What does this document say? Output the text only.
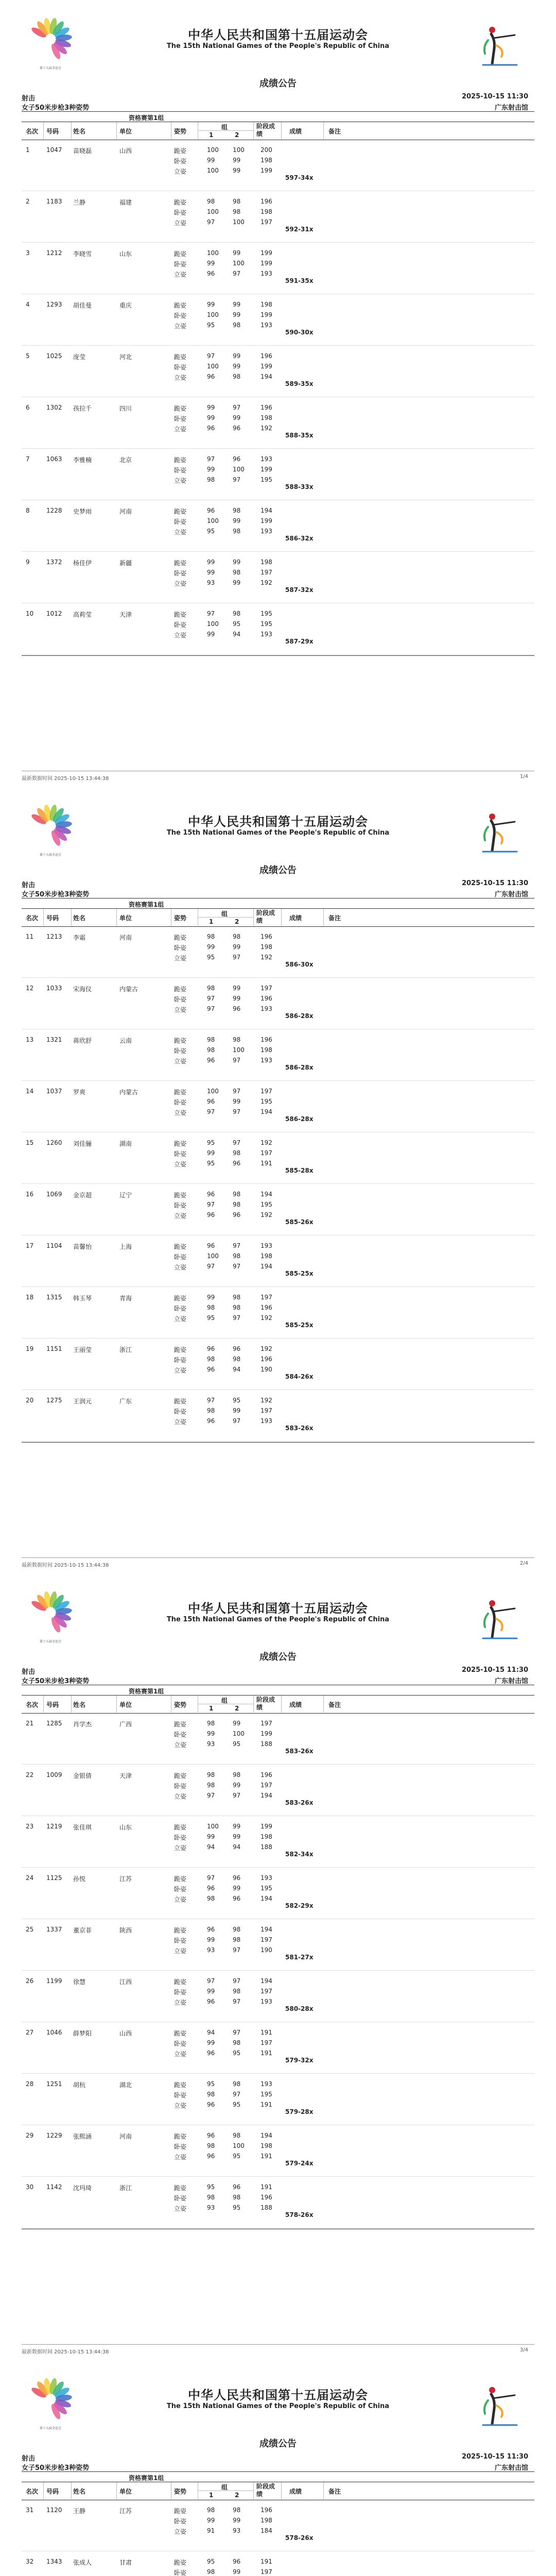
第十五届全运会
中华人民共和国第十五届运动会
The 15th National Games of the People's Republic of China
成绩公告
射击	2025-10-15 11:30
女子50米步枪3种姿势	广东射击馆
资格赛第1组
名次 号码 姓名	单位	姿势
组
1	2
阶段成绩	成绩	备注
1	1047 苗晓磊	山西	跪姿	100 100	200
卧姿	99	99	198
立姿	100 99	199
597-34x
2	1183 兰静	福建	跪姿	98	98	196
卧姿	100 98	198
立姿	97	100	197
592-31x
3	1212 李晓雪	山东	跪姿	100 99	199
卧姿	99	100	199
立姿	96	97	193
591-35x
4	1293 胡佳曼	重庆	跪姿	99	99	198
卧姿	100 99	199
立姿	95	98	193
590-30x
5	1025 庞莹	河北	跪姿	97	99	196
卧姿	100 99	199
立姿	96	98	194
589-35x
6	1302 孩拉千	四川	跪姿	99	97	196
卧姿	99	99	198
立姿	96	96	192
588-35x
7	1063 李雅楠	北京	跪姿	97	96	193
卧姿	99	100	199
立姿	98	97	195
588-33x
8	1228 史梦雨	河南	跪姿	96	98	194
卧姿	100 99	199
立姿	95	98	193
586-32x
9	1372 杨佳伊	新疆	跪姿	99	99	198
卧姿	99	98	197
立姿	93	99	192
587-32x
10 1012 高莉莹	天津	跪姿	97	98	195
卧姿	100 95	195
立姿	99	94	193
587-29x
最新数据时间 2025-10-15 13:44:38	1/4
第十五届全运会
中华人民共和国第十五届运动会
The 15th National Games of the People's Republic of China
成绩公告
射击	2025-10-15 11:30
女子50米步枪3种姿势	广东射击馆
资格赛第1组
名次 号码 姓名	单位	姿势
组
1	2
阶段成绩	成绩	备注
11 1213 李霜	河南	跪姿	98	98	196
卧姿	99	99	198
立姿	95	97	192
586-30x
12 1033 宋海仪	内蒙古	跪姿	98	99	197
卧姿	97	99	196
立姿	97	96	193
586-28x
13 1321 蒋欣舒	云南	跪姿	98	98	196
卧姿	98	100	198
立姿	96	97	193
586-28x
14 1037 罗爽	内蒙古	跪姿	100 97	197
卧姿	96	99	195
立姿	97	97	194
586-28x
15 1260 刘佳骊	湖南	跪姿	95	97	192
卧姿	99	98	197
立姿	95	96	191
585-28x
16 1069 金京超	辽宁	跪姿	96	98	194
卧姿	97	98	195
立姿	96	96	192
585-26x
17 1104 苗馨怡	上海	跪姿	96	97	193
卧姿	100 98	198
立姿	97	97	194
585-25x
18 1315 韩玉琴	青海	跪姿	99	98	197
卧姿	98	98	196
立姿	95	97	192
585-25x
19 1151 王丽莹	浙江	跪姿	96	96	192
卧姿	98	98	196
立姿	96	94	190
584-26x
20 1275 王润元	广东	跪姿	97	95	192
卧姿	98	99	197
立姿	96	97	193
583-26x
最新数据时间 2025-10-15 13:44:38	2/4
第十五届全运会
中华人民共和国第十五届运动会
The 15th National Games of the People's Republic of China
成绩公告
射击	2025-10-15 11:30
女子50米步枪3种姿势	广东射击馆
资格赛第1组
名次 号码 姓名	单位	姿势
组
1	2
阶段成绩	成绩	备注
21 1285 肖学杰	广西	跪姿	98	99	197
卧姿	99	100	199
立姿	93	95	188
583-26x
22 1009 金银倩	天津	跪姿	98	98	196
卧姿	98	99	197
立姿	97	97	194
583-26x
23 1219 张佳琪	山东	跪姿	100 99	199
卧姿	99	99	198
立姿	94	94	188
582-34x
24 1125 孙悦	江苏	跪姿	97	96	193
卧姿	96	99	195
立姿	98	96	194
582-29x
25 1337 董京菲	陕西	跪姿	96	98	194
卧姿	99	98	197
立姿	93	97	190
581-27x
26 1199 徐慧	江西	跪姿	97	97	194
卧姿	99	98	197
立姿	96	97	193
580-28x
27 1046 薛梦阳	山西	跪姿	94	97	191
卧姿	99	98	197
立姿	96	95	191
579-32x
28 1251 胡杭	湖北	跪姿	95	98	193
卧姿	98	97	195
立姿	96	95	191
579-28x
29 1229 张熙涵	河南	跪姿	96	98	194
卧姿	98	100	198
立姿	96	95	191
579-24x
30 1142 沈玛琦	浙江	跪姿	95	96	191
卧姿	98	98	196
立姿	93	95	188
578-26x
最新数据时间 2025-10-15 13:44:38	3/4
第十五届全运会
中华人民共和国第十五届运动会
The 15th National Games of the People's Republic of China
成绩公告
射击	2025-10-15 11:30
女子50米步枪3种姿势	广东射击馆
资格赛第1组
名次 号码 姓名	单位	姿势
组
1	2
阶段成绩	成绩	备注
31 1120 王静	江苏	跪姿	98	98	196
卧姿	99	99	198
立姿	91	93	184
578-26x
32 1343 张成人	甘肃	跪姿	95	96	191
卧姿	98	99	197
